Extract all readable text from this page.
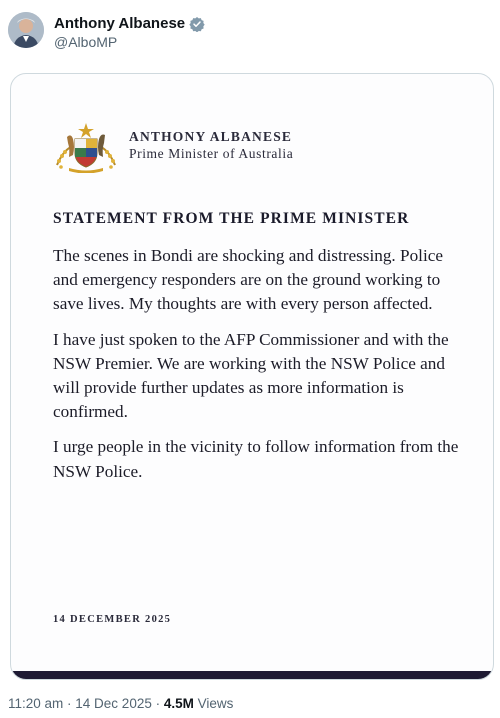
Anthony Albanese
@AlboMP
ANTHONY ALBANESE
Prime Minister of Australia
STATEMENT FROM THE PRIME MINISTER

The scenes in Bondi are shocking and distressing. Police and emergency responders are on the ground working to save lives. My thoughts are with every person affected.

I have just spoken to the AFP Commissioner and with the NSW Premier. We are working with the NSW Police and will provide further updates as more information is confirmed.

I urge people in the vicinity to follow information from the NSW Police.

14 DECEMBER 2025
11:20 am · 14 Dec 2025 · 4.5M Views
